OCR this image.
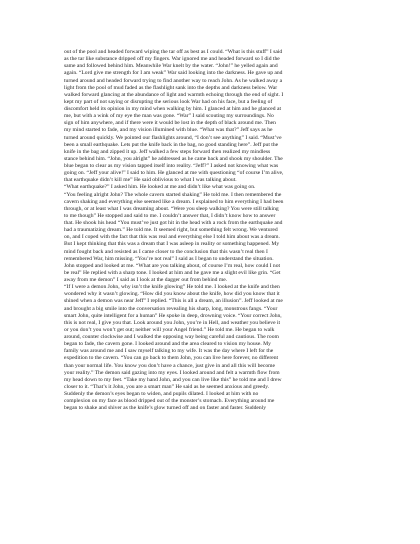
out of the pool and headed forward wiping the tar off as best as I could. “What is this stuff” I said
as the tar like substance dripped off my fingers. War ignored me and headed forward so I did the
same and followed behind him. Meanwhile War knelt by the water. “John!” he yelled again and
again. “Lord give me strength for I am weak” War said looking into the darkness. He gave up and
turned around and headed forward trying to find another way to reach John. As he walked away a
light from the pool of mud faded as the flashlight sank into the depths and darkness below. War
walked forward glancing at the abundance of light and warmth echoing through the end of sight. I
kept my part of not saying or disrupting the serious look War had on his face, but a feeling of
discomfort held its opinion in my mind when walking by him. I glanced at him and he glanced at
me, but with a wink of my eye the man was gone. “War” I said scouting my surroundings. No
sign of him anywhere, and if there were it would be lost in the depth of black around me. Then
my mind started to fade, and my vision illumined with blue. “What was that?” Jeff says as he
turned around quickly. We pointed our flashlights around, “I don’t see anything” I said. “Must’ve
been a small earthquake. Lets put the knife back in the bag, no good standing here”. Jeff put the
knife in the bag and zipped it up. Jeff walked a few steps forward then realized my mindless
stance behind him. “John, you alright” he addressed as he came back and shook my shoulder. The
blue began to clear as my vision tapped itself into reality. “Jeff?” I asked not knowing what was
going on. “Jeff your alive!” I said to him. He glanced at me with questioning “of course I’m alive,
that earthquake didn’t kill me” He said oblivious to what I was talking about.
“What earthquake?” I asked him. He looked at me and didn’t like what was going on.
“You feeling alright John? The whole cavern started shaking” He told me. I then remembered the
cavern shaking and everything else seemed like a dream. I explained to him everything I had been
through, or at least what I was dreaming about. “Were you sleep walking? You were still talking
to me though” He stopped and said to me. I couldn’t answer that, I didn’t know how to answer
that. He shook his head “You must’ve just got hit in the head with a rock from the earthquake and
had a traumatizing dream.” He told me. It seemed right, but something felt wrong. We ventured
on, and I coped with the fact that this was real and everything else I told him about was a dream.
But I kept thinking that this was a dream that I was asleep in reality or something happened. My
mind fought back and resisted as I came closer to the conclusion that this wasn’t real then I
remembered War, him missing. “You’re not real” I said as I began to understand the situation.
John stopped and looked at me. “What are you talking about, of course I’m real, how could I not
be real” He replied with a sharp tone. I looked at him and he gave me a slight evil like grin. “Get
away from me demon” I said as I look at the dagger out from behind me.
“If I were a demon John, why isn’t the knife glowing” He told me. I looked at the knife and then
wondered why it wasn’t glowing. “How did you know about the knife, how did you know that it
shined when a demon was near Jeff” I replied. “This is all a dream, an illusion”. Jeff looked at me
and brought a big smile into the conversation revealing his sharp, long, monstrous fangs. “Your
smart John, quite intelligent for a human” He spoke in deep, drowning voice. “Your correct John,
this is not real, I give you that. Look around you John, you’re in Hell, and weather you believe it
or you don’t you won’t get out; neither will your Angel friend.” He told me. He began to walk
around, counter clockwise and I walked the opposing way being careful and cautious. The room
began to fade, the cavern gone. I looked around and the area cleared to vision my house. My
family was around me and I saw myself talking to my wife. It was the day where I left for the
expedition to the cavern. “You can go back to them John, you can live here forever, no different
than your normal life. You know you don’t have a chance, just give in and all this will become
your reality.” The demon said gazing into my eyes. I looked around and felt a warmth flow from
my head down to my feet. “Take my hand John, and you can live like this” he told me and I drew
closer to it. “That’s it John, you are a smart man” He said as he seemed anxious and greedy.
Suddenly the demon’s eyes began to widen, and pupils dilated. I looked at him with no
complexion on my face as blood dripped out of the monster’s stomach. Everything around me
began to shake and shiver as the knife’s glow turned off and on faster and faster. Suddenly
